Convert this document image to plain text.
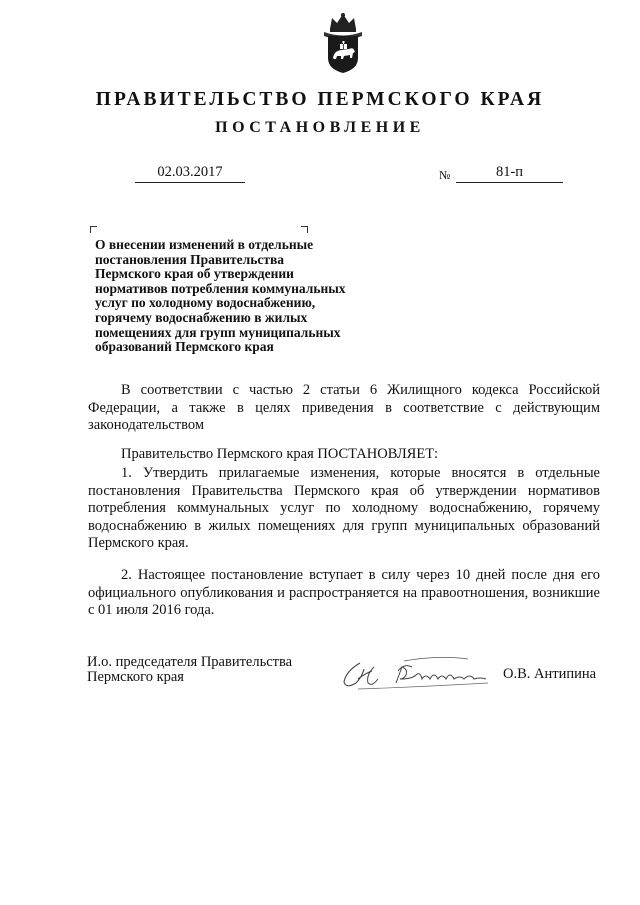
ПРАВИТЕЛЬСТВО ПЕРМСКОГО КРАЯ
ПОСТАНОВЛЕНИЕ
02.03.2017	№	81-п
О внесении изменений в отдельные
постановления Правительства
Пермского края об утверждении
нормативов потребления коммунальных
услуг по холодному водоснабжению,
горячему водоснабжению в жилых
помещениях для групп муниципальных
образований Пермского края
В соответствии с частью 2 статьи 6 Жилищного кодекса Российской Федерации, а также в целях приведения в соответствие с действующим законодательством
Правительство Пермского края ПОСТАНОВЛЯЕТ:
1. Утвердить прилагаемые изменения, которые вносятся в отдельные постановления Правительства Пермского края об утверждении нормативов потребления коммунальных услуг по холодному водоснабжению, горячему водоснабжению в жилых помещениях для групп муниципальных образований Пермского края.
2. Настоящее постановление вступает в силу через 10 дней после дня его официального опубликования и распространяется на правоотношения, возникшие с 01 июля 2016 года.
И.о. председателя Правительства
Пермского края	О.В. Антипина
